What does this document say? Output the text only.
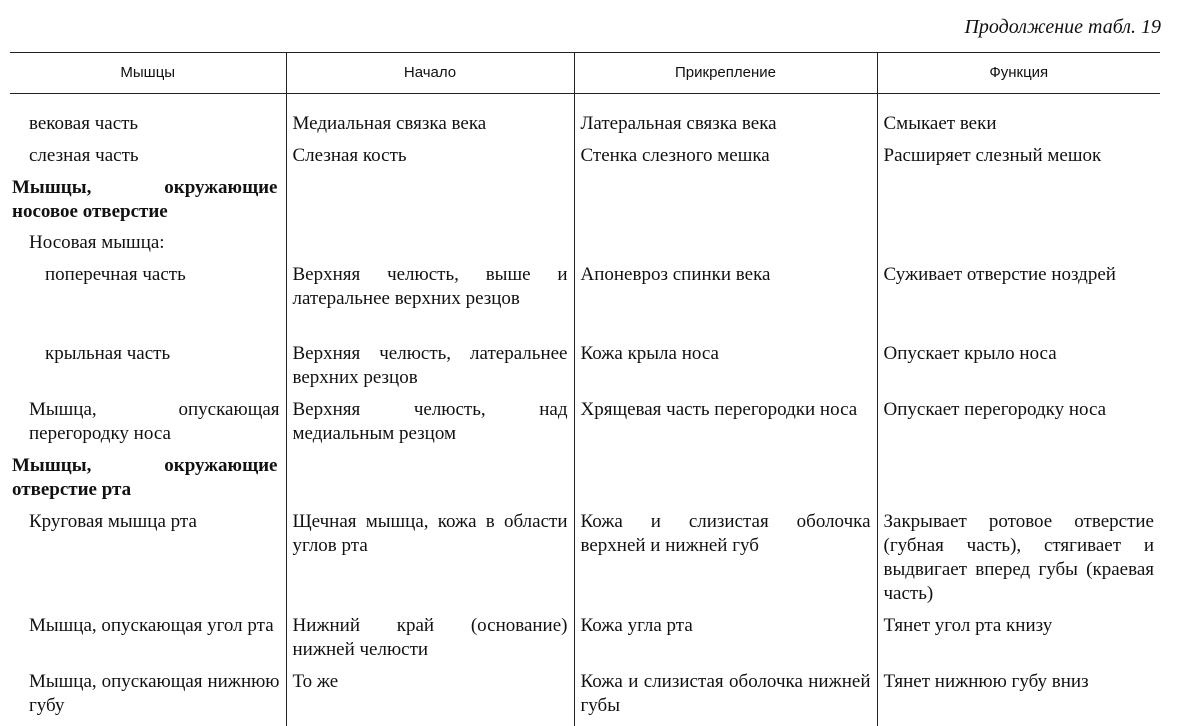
Продолжение табл. 19
Мышцы	Начало	Прикрепление	Функция

вековая часть	Медиальная связка века	Латеральная связка века	Смыкает веки
слезная часть	Слезная кость	Стенка слезного мешка	Расширяет слезный мешок
Мышцы, окружающие носовое отверстие			
Носовая мышца:			
поперечная часть	Верхняя челюсть, выше и латеральнее верхних резцов	Апоневроз спинки века	Суживает отверстие ноздрей
крыльная часть	Верхняя челюсть, латеральнее верхних резцов	Кожа крыла носа	Опускает крыло носа
Мышца, опускающая перегородку носа	Верхняя челюсть, над медиальным резцом	Хрящевая часть перегородки носа	Опускает перегородку носа
Мышцы, окружающие отверстие рта			
Круговая мышца рта	Щечная мышца, кожа в области углов рта	Кожа и слизистая оболочка верхней и нижней губ	Закрывает ротовое отверстие (губная часть), стягивает и выдвигает вперед губы (краевая часть)
Мышца, опускающая угол рта	Нижний край (основание) нижней челюсти	Кожа угла рта	Тянет угол рта книзу
Мышца, опускающая нижнюю губу	То же	Кожа и слизистая оболочка нижней губы	Тянет нижнюю губу вниз
